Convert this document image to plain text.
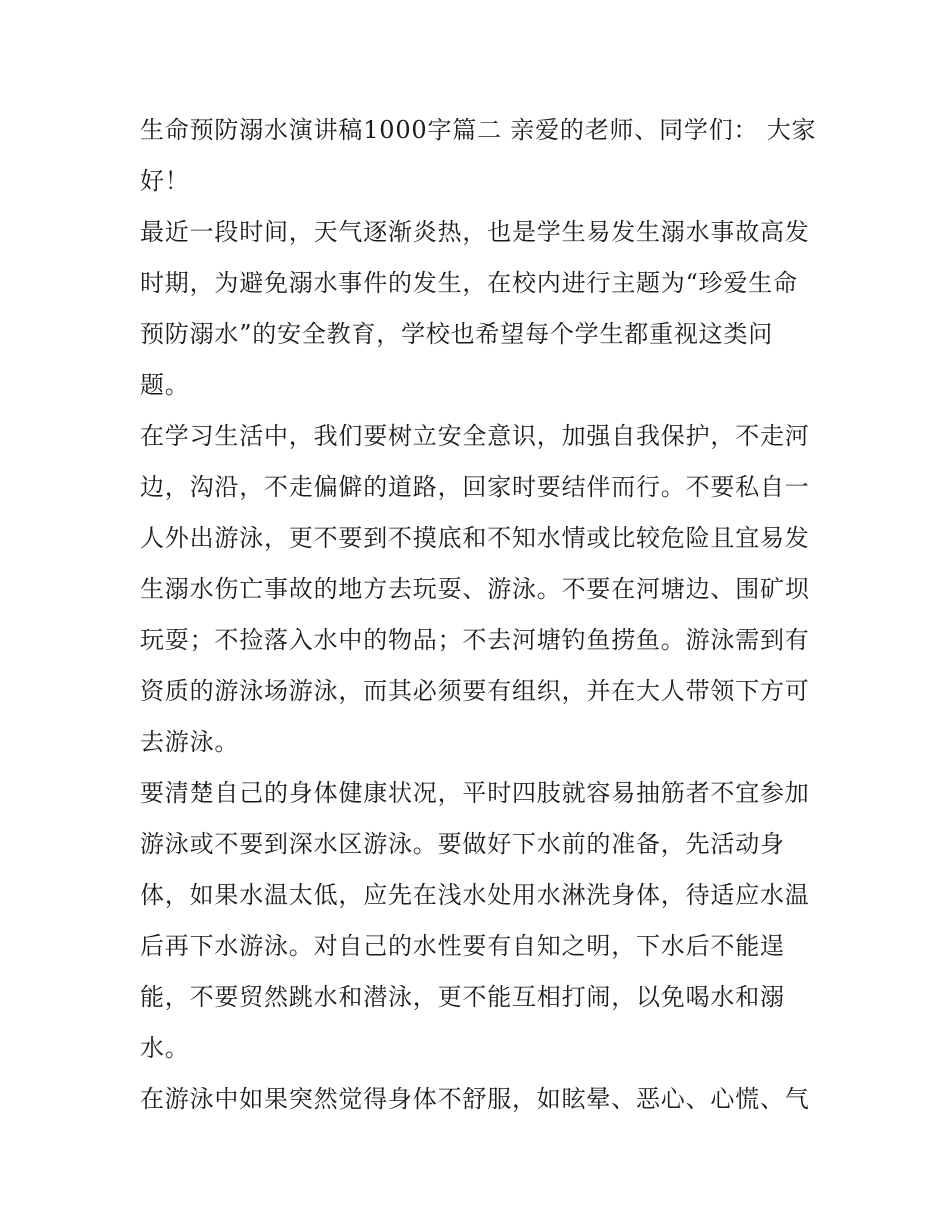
生命预防溺水演讲稿1000字篇二 亲爱的老师、同学们： 大家
好！
最近一段时间，天气逐渐炎热，也是学生易发生溺水事故高发
时期，为避免溺水事件的发生，在校内进行主题为“珍爱生命
预防溺水”的安全教育，学校也希望每个学生都重视这类问
题。
在学习生活中，我们要树立安全意识，加强自我保护，不走河
边，沟沿，不走偏僻的道路，回家时要结伴而行。不要私自一
人外出游泳，更不要到不摸底和不知水情或比较危险且宜易发
生溺水伤亡事故的地方去玩耍、游泳。不要在河塘边、围矿坝
玩耍；不捡落入水中的物品；不去河塘钓鱼捞鱼。游泳需到有
资质的游泳场游泳，而其必须要有组织，并在大人带领下方可
去游泳。
要清楚自己的身体健康状况，平时四肢就容易抽筋者不宜参加
游泳或不要到深水区游泳。要做好下水前的准备，先活动身
体，如果水温太低，应先在浅水处用水淋洗身体，待适应水温
后再下水游泳。对自己的水性要有自知之明，下水后不能逞
能，不要贸然跳水和潜泳，更不能互相打闹，以免喝水和溺
水。
在游泳中如果突然觉得身体不舒服，如眩晕、恶心、心慌、气
